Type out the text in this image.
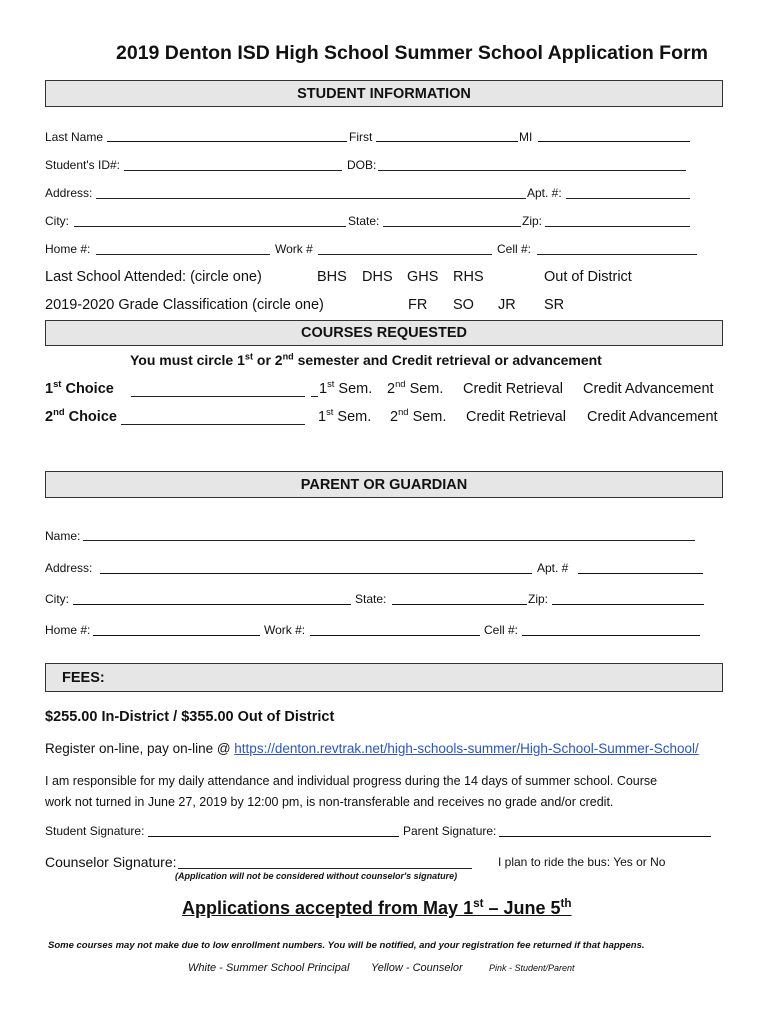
2019 Denton ISD High School Summer School Application Form
STUDENT INFORMATION
Last Name	First	MI
Student's ID#:	DOB:
Address:	Apt. #:
City:	State:	Zip:
Home #:	Work #	Cell #:
Last School Attended: (circle one)	BHS DHS GHS RHS	Out of District
2019-2020 Grade Classification (circle one)	FR SO JR SR
COURSES REQUESTED
You must circle 1st or 2nd semester and Credit retrieval or advancement
1st Choice	1st Sem. 2nd Sem. Credit Retrieval Credit Advancement
2nd Choice	1st Sem. 2nd Sem. Credit Retrieval Credit Advancement
PARENT OR GUARDIAN
Name:
Address:	Apt. #
City:	State:	Zip:
Home #:	Work #:	Cell #:
FEES:
$255.00 In-District / $355.00 Out of District
Register on-line, pay on-line @ https://denton.revtrak.net/high-schools-summer/High-School-Summer-School/
I am responsible for my daily attendance and individual progress during the 14 days of summer school. Course
work not turned in June 27, 2019 by 12:00 pm, is non-transferable and receives no grade and/or credit.
Student Signature:	Parent Signature:
Counselor Signature:	I plan to ride the bus: Yes or No
(Application will not be considered without counselor's signature)
Applications accepted from May 1st – June 5th
Some courses may not make due to low enrollment numbers. You will be notified, and your registration fee returned if that happens.
White - Summer School Principal Yellow - Counselor	Pink - Student/Parent
